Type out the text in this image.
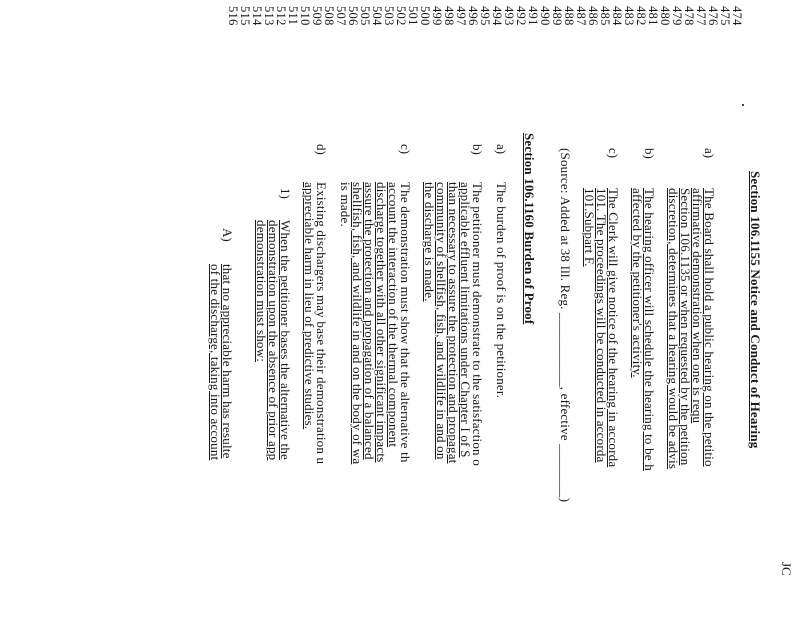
JC
474
475
476
477
478
479
480
481
482
483
484
485
486
487
488
489
490
491
492
493
494
495
496
497
498
499
500
501
502
503
504
505
506
507
508
509
510
511
512
513
514
515
516
Section 106.1155 Notice and Conduct of Hearing
a)
The Board shall hold a public hearing on the petitio
affirmative demonstration when one is requ
Section 106.1135 or when requested by the petition
discretion, determines that a hearing would be advis
b)
The hearing officer will schedule the hearing to be h
affected by the petitioner's activity.
c)
The Clerk will give notice of the hearing in accorda
101. The proceedings will be conducted in accorda
101.Subpart F.
(Source: Added at 38 Ill. Reg. ___________, effective ________)
Section 106.1160 Burden of Proof
a)
The burden of proof is on the petitioner.
b)
The petitioner must demonstrate to the satisfaction o
applicable effluent limitations under Chapter I of S
than necessary to assure the protection and propagat
community of shellfish, fish, and wildlife in and on
the discharge is made.
c)
The demonstration must show that the alternative th
account the interaction of the thermal component
discharge together with all other significant impacts
assure the protection and propagation of a balanced
shellfish, fish, and wildlife in and on the body of wa
is made.
d)
Existing dischargers may base their demonstration u
appreciable harm in lieu of predictive studies.
1)
When the petitioner bases the alternative the
demonstration upon the absence of prior app
demonstration must show:
A)
that no appreciable harm has resulte
of the discharge, taking into account
